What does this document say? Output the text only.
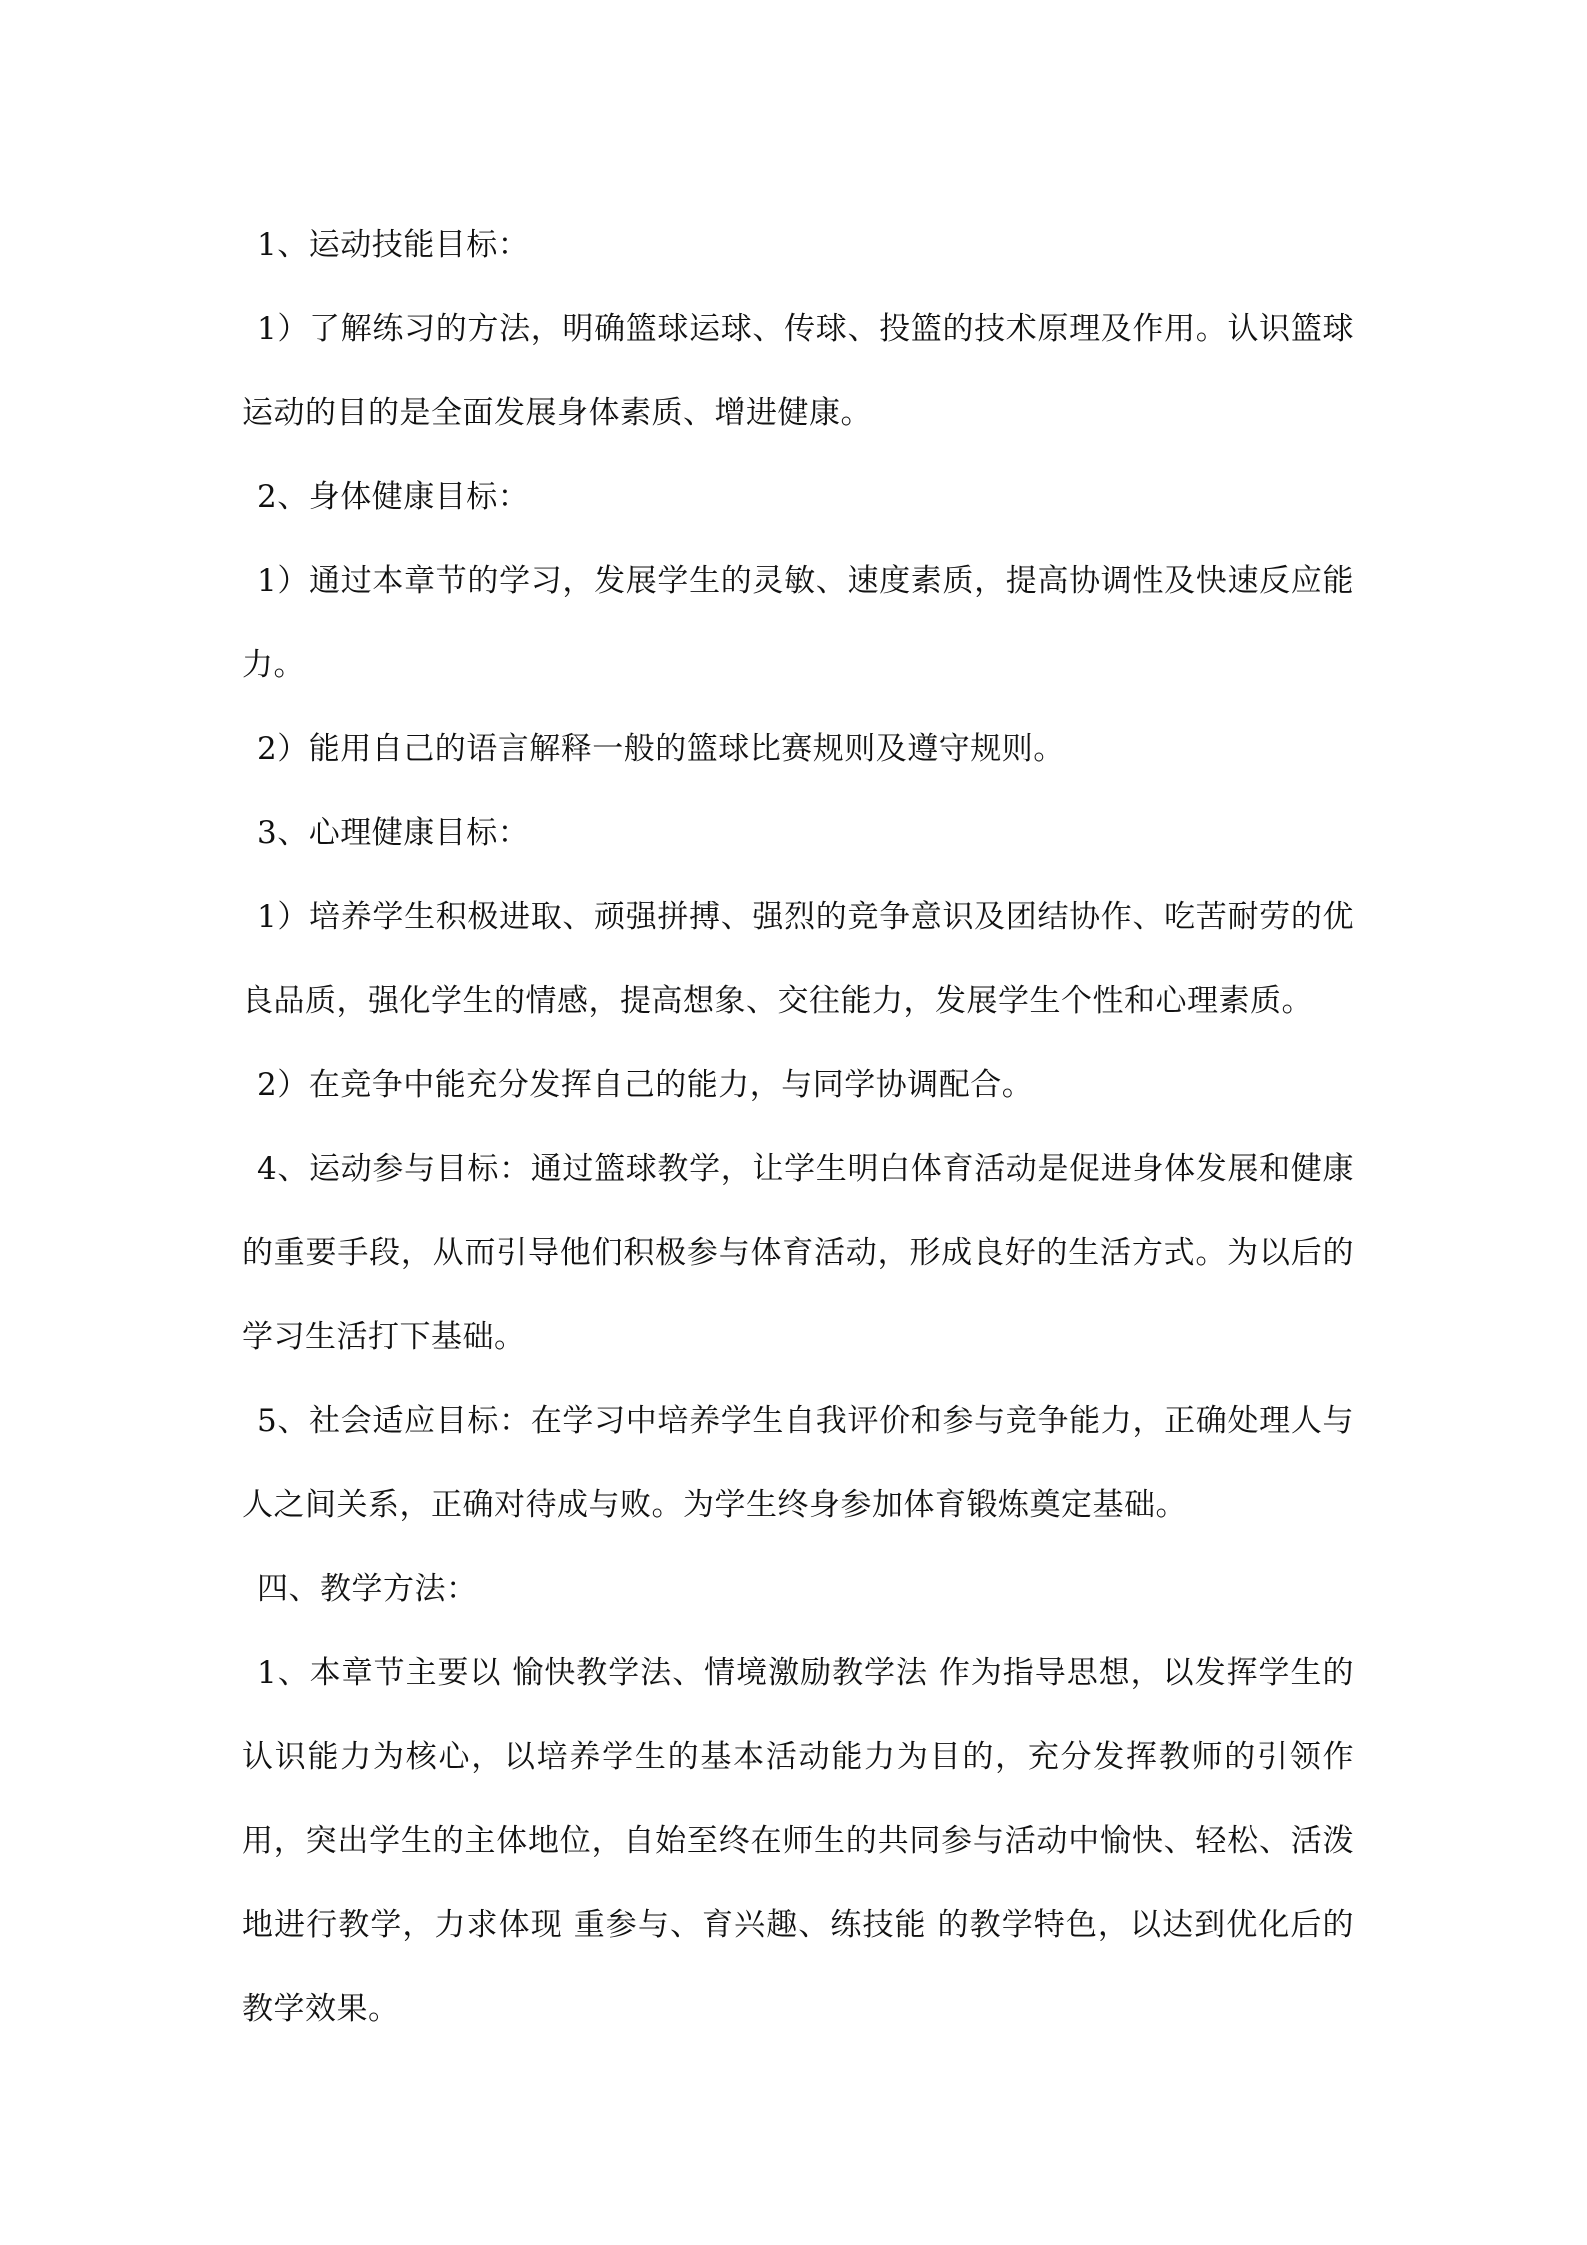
1、运动技能目标：

1）了解练习的方法，明确篮球运球、传球、投篮的技术原理及作用。认识篮球运动的目的是全面发展身体素质、增进健康。

2、身体健康目标：

1）通过本章节的学习，发展学生的灵敏、速度素质，提高协调性及快速反应能力。

2）能用自己的语言解释一般的篮球比赛规则及遵守规则。

3、心理健康目标：

1）培养学生积极进取、顽强拼搏、强烈的竞争意识及团结协作、吃苦耐劳的优良品质，强化学生的情感，提高想象、交往能力，发展学生个性和心理素质。

2）在竞争中能充分发挥自己的能力，与同学协调配合。

4、运动参与目标：通过篮球教学，让学生明白体育活动是促进身体发展和健康的重要手段，从而引导他们积极参与体育活动，形成良好的生活方式。为以后的学习生活打下基础。

5、社会适应目标：在学习中培养学生自我评价和参与竞争能力，正确处理人与人之间关系，正确对待成与败。为学生终身参加体育锻炼奠定基础。

四、教学方法：

1、本章节主要以 愉快教学法、情境激励教学法 作为指导思想，以发挥学生的认识能力为核心，以培养学生的基本活动能力为目的，充分发挥教师的引领作用，突出学生的主体地位，自始至终在师生的共同参与活动中愉快、轻松、活泼地进行教学，力求体现 重参与、育兴趣、练技能 的教学特色，以达到优化后的教学效果。
